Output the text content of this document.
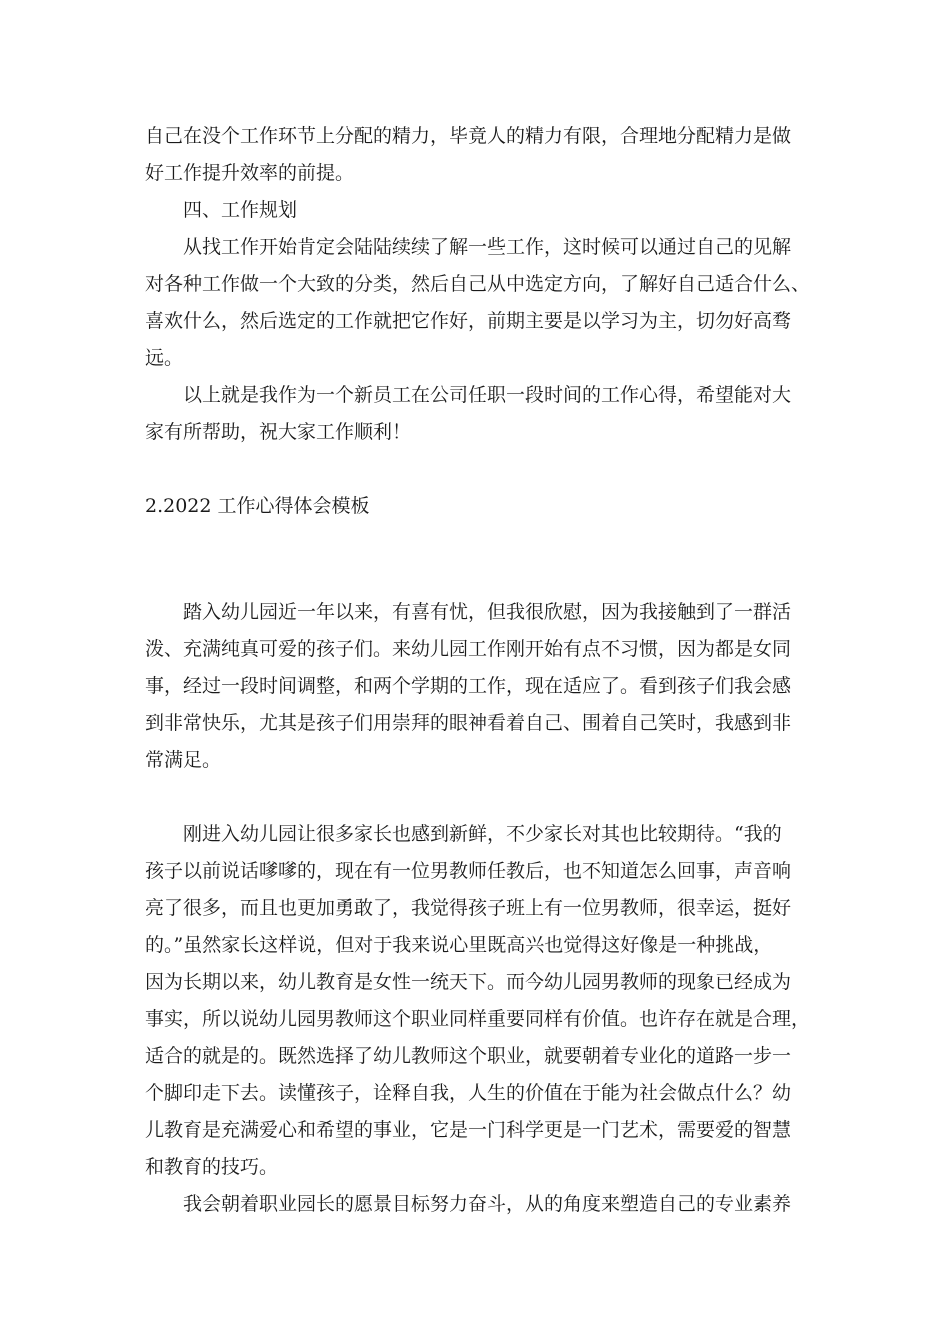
自己在没个工作环节上分配的精力，毕竟人的精力有限，合理地分配精力是做
好工作提升效率的前提。
四、工作规划
从找工作开始肯定会陆陆续续了解一些工作，这时候可以通过自己的见解
对各种工作做一个大致的分类，然后自己从中选定方向，了解好自己适合什么、
喜欢什么，然后选定的工作就把它作好，前期主要是以学习为主，切勿好高骛
远。
以上就是我作为一个新员工在公司任职一段时间的工作心得，希望能对大
家有所帮助，祝大家工作顺利！
2.2022 工作心得体会模板
踏入幼儿园近一年以来，有喜有忧，但我很欣慰，因为我接触到了一群活
泼、充满纯真可爱的孩子们。来幼儿园工作刚开始有点不习惯，因为都是女同
事，经过一段时间调整，和两个学期的工作，现在适应了。看到孩子们我会感
到非常快乐，尤其是孩子们用崇拜的眼神看着自己、围着自己笑时，我感到非
常满足。
刚进入幼儿园让很多家长也感到新鲜，不少家长对其也比较期待。“我的
孩子以前说话嗲嗲的，现在有一位男教师任教后，也不知道怎么回事，声音响
亮了很多，而且也更加勇敢了，我觉得孩子班上有一位男教师，很幸运，挺好
的。”虽然家长这样说，但对于我来说心里既高兴也觉得这好像是一种挑战，
因为长期以来，幼儿教育是女性一统天下。而今幼儿园男教师的现象已经成为
事实，所以说幼儿园男教师这个职业同样重要同样有价值。也许存在就是合理，
适合的就是的。既然选择了幼儿教师这个职业，就要朝着专业化的道路一步一
个脚印走下去。读懂孩子，诠释自我，人生的价值在于能为社会做点什么？幼
儿教育是充满爱心和希望的事业，它是一门科学更是一门艺术，需要爱的智慧
和教育的技巧。
我会朝着职业园长的愿景目标努力奋斗，从的角度来塑造自己的专业素养
